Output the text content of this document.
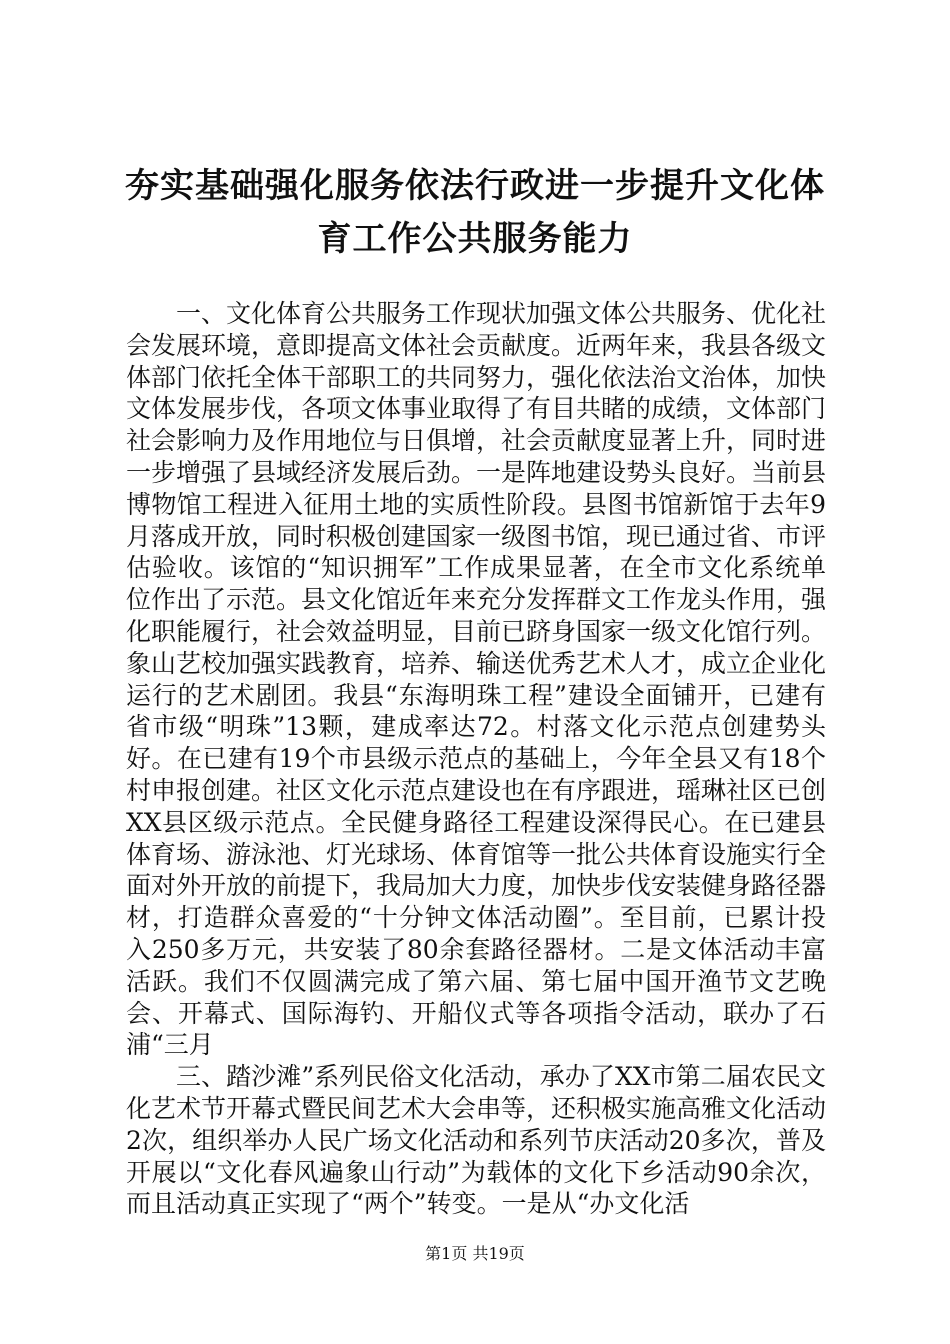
夯实基础强化服务依法行政进一步提升文化体育工作公共服务能力

一、文化体育公共服务工作现状加强文体公共服务、优化社会发展环境，意即提高文体社会贡献度。近两年来，我县各级文体部门依托全体干部职工的共同努力，强化依法治文治体，加快文体发展步伐，各项文体事业取得了有目共睹的成绩，文体部门社会影响力及作用地位与日俱增，社会贡献度显著上升，同时进一步增强了县域经济发展后劲。一是阵地建设势头良好。当前县博物馆工程进入征用土地的实质性阶段。县图书馆新馆于去年9月落成开放，同时积极创建国家一级图书馆，现已通过省、市评估验收。该馆的“知识拥军”工作成果显著，在全市文化系统单位作出了示范。县文化馆近年来充分发挥群文工作龙头作用，强化职能履行，社会效益明显，目前已跻身国家一级文化馆行列。象山艺校加强实践教育，培养、输送优秀艺术人才，成立企业化运行的艺术剧团。我县“东海明珠工程”建设全面铺开，已建有省市级“明珠”13颗，建成率达72。村落文化示范点创建势头好。在已建有19个市县级示范点的基础上，今年全县又有18个村申报创建。社区文化示范点建设也在有序跟进，瑶琳社区已创XX县区级示范点。全民健身路径工程建设深得民心。在已建县体育场、游泳池、灯光球场、体育馆等一批公共体育设施实行全面对外开放的前提下，我局加大力度，加快步伐安装健身路径器材，打造群众喜爱的“十分钟文体活动圈”。至目前，已累计投入250多万元，共安装了80余套路径器材。二是文体活动丰富活跃。我们不仅圆满完成了第六届、第七届中国开渔节文艺晚会、开幕式、国际海钓、开船仪式等各项指令活动，联办了石浦“三月

三、踏沙滩”系列民俗文化活动，承办了XX市第二届农民文化艺术节开幕式暨民间艺术大会串等，还积极实施高雅文化活动2次，组织举办人民广场文化活动和系列节庆活动20多次，普及开展以“文化春风遍象山行动”为载体的文化下乡活动90余次，而且活动真正实现了“两个”转变。一是从“办文化活

第1页 共19页
